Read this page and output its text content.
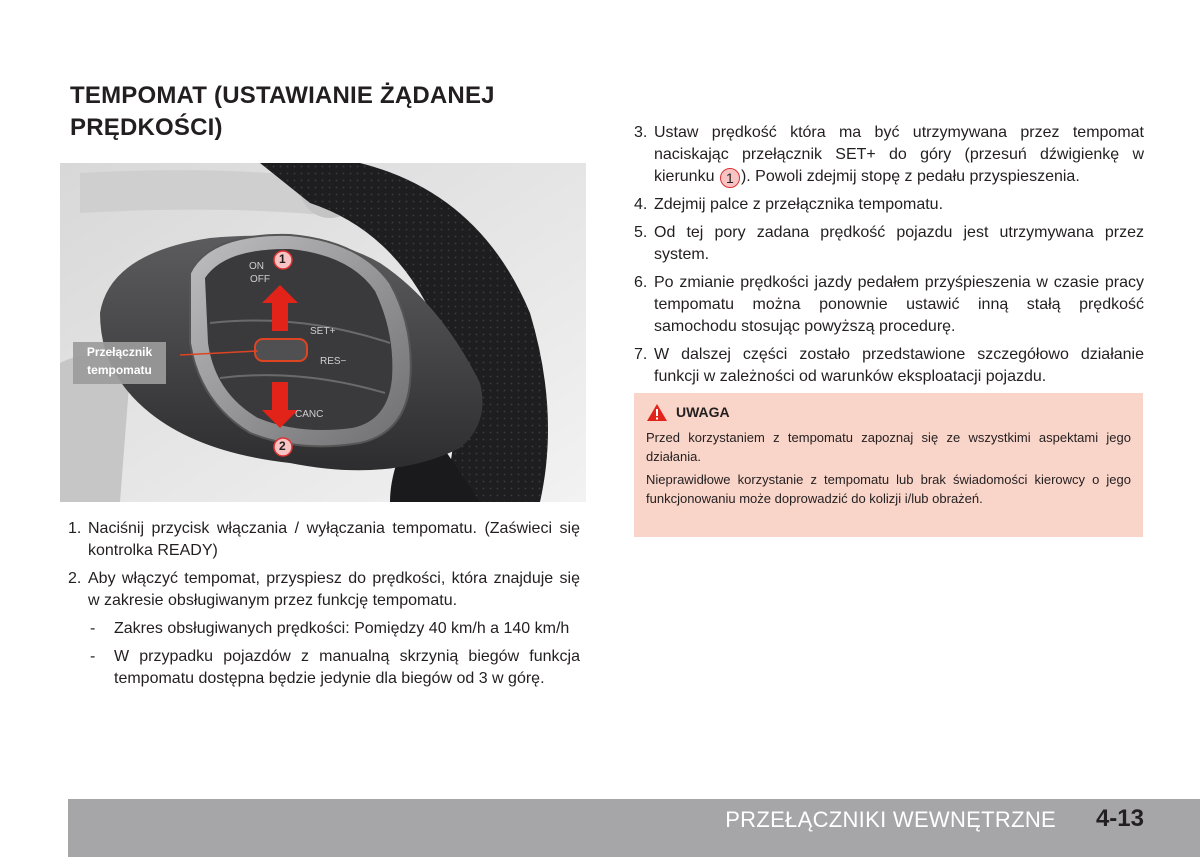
TEMPOMAT (USTAWIANIE ŻĄDANEJ PRĘDKOŚCI)
Przełącznik tempomatu
ON
OFF
SET+
RES−
CANC
1
2
1. Naciśnij przycisk włączania / wyłączania tempomatu. (Zaświeci się kontrolka READY)
2. Aby włączyć tempomat, przyspiesz do prędkości, która znajduje się w zakresie obsługiwanym przez funkcję tempomatu.
- Zakres obsługiwanych prędkości: Pomiędzy 40 km/h a 140 km/h
- W przypadku pojazdów z manualną skrzynią biegów funkcja tempomatu dostępna będzie jedynie dla biegów od 3 w górę.
3. Ustaw prędkość która ma być utrzymywana przez tempomat naciskając przełącznik SET+ do góry (przesuń dźwigienkę w kierunku 1 ). Powoli zdejmij stopę z pedału przyspieszenia.
4. Zdejmij palce z przełącznika tempomatu.
5. Od tej pory zadana prędkość pojazdu jest utrzymywana przez system.
6. Po zmianie prędkości jazdy pedałem przyśpieszenia w czasie pracy tempomatu można ponownie ustawić inną stałą prędkość samochodu stosując powyższą procedurę.
7. W dalszej części zostało przedstawione szczegółowo działanie funkcji w zależności od warunków eksploatacji pojazdu.
UWAGA

Przed korzystaniem z tempomatu zapoznaj się ze wszystkimi aspektami jego działania.

Nieprawidłowe korzystanie z tempomatu lub brak świadomości kierowcy o jego funkcjonowaniu może doprowadzić do kolizji i/lub obrażeń.

PRZEŁĄCZNIKI WEWNĘTRZNE 4-13
